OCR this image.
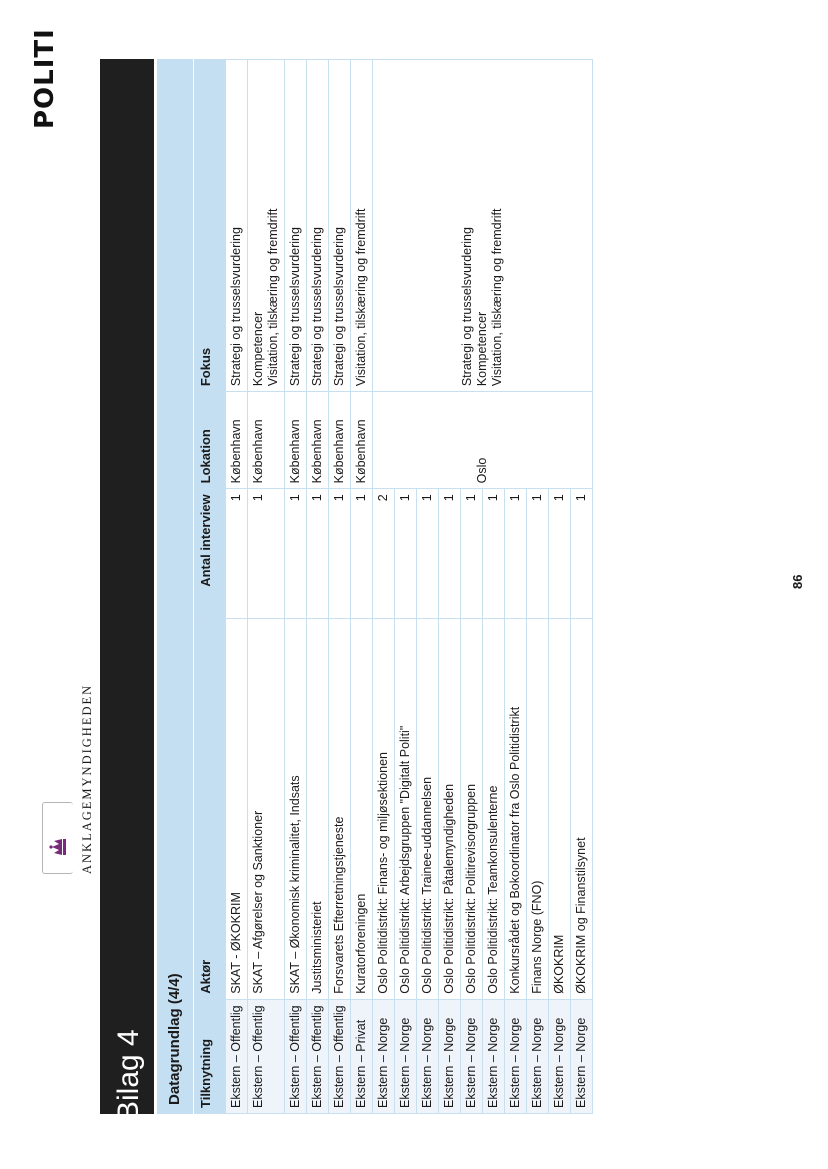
ANKLAGEMYNDIGHEDEN
POLITI
Bilag 4 Datagrundlag (4/4) Tilknytning	Aktør	Antal interview	Lokation	Fokus
Ekstern – Offentlig	SKAT - ØKOKRIM	1	København	Strategi og trusselsvurdering

Ekstern – Offentlig	SKAT – Afgørelser og Sanktioner	1	København	Kompetencer Visitation, tilskæring og fremdrift

Ekstern – Offentlig	SKAT – Økonomisk kriminalitet, Indsats	1	København	Strategi og trusselsvurdering

Ekstern – Offentlig	Justitsministeriet	1	København	Strategi og trusselsvurdering

Ekstern – Offentlig	Forsvarets Efterretningstjeneste	1	København	Strategi og trusselsvurdering

Ekstern – Privat	Kuratorforeningen	1	København	Visitation, tilskæring og fremdrift

Ekstern – Norge	Oslo Politidistrikt: Finans- og miljøsektionen	2	Oslo	Strategi og trusselsvurdering Kompetencer Visitation, tilskæring og fremdrift

Ekstern – Norge	Oslo Politidistrikt: Arbejdsgruppen "Digitalt Politi"	1		
Ekstern – Norge	Oslo Politidistrikt: Trainee-uddannelsen	1		
Ekstern – Norge	Oslo Politidistrikt: Påtalemyndigheden	1		
Ekstern – Norge	Oslo Politidistrikt: Politirevisorgruppen	1		
Ekstern – Norge	Oslo Politidistrikt: Teamkonsulenterne	1		
Ekstern – Norge	Konkursrådet og Bokoordinator fra Oslo Politidistrikt	1		
Ekstern – Norge	Finans Norge (FNO)	1		
Ekstern – Norge	ØKOKRIM	1		
Ekstern – Norge	ØKOKRIM og Finanstilsynet	1		
86
